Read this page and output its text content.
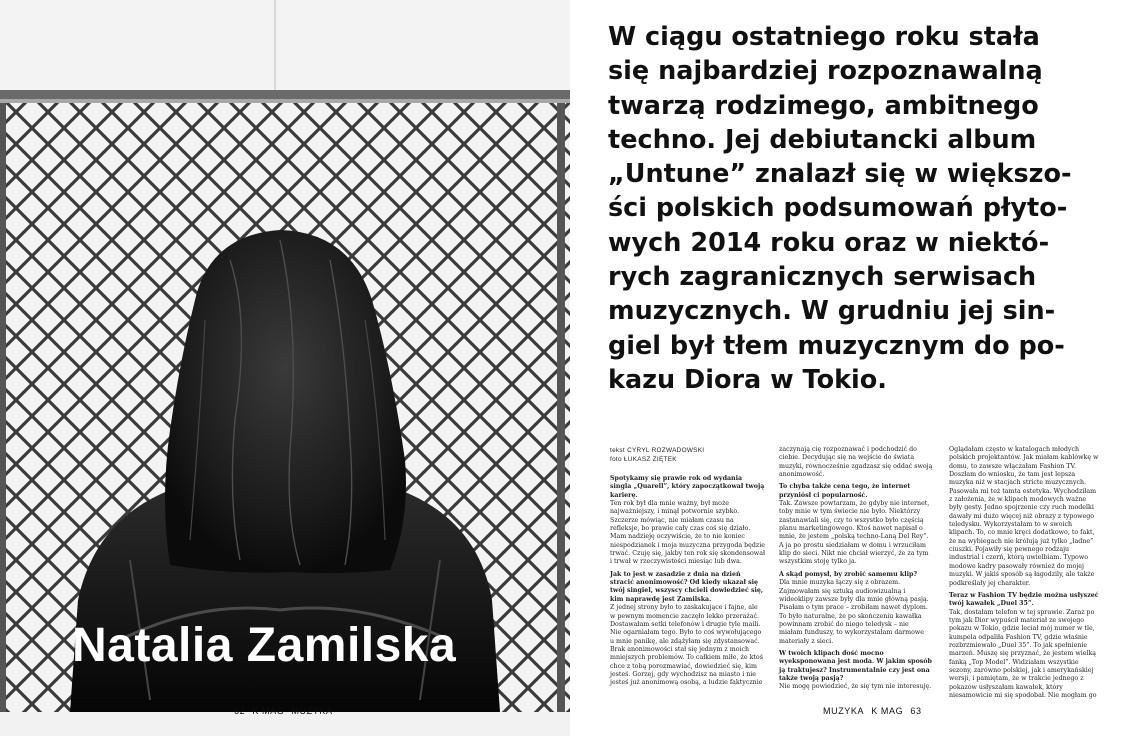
Natalia Zamilska
62 K MAG MUZYKA
W ciągu ostatniego roku stała
się najbardziej rozpoznawalną
twarzą rodzimego, ambitnego
techno. Jej debiutancki album
„Untune” znalazł się w większo-
ści polskich podsumowań płyto-
wych 2014 roku oraz w niektó-
rych zagranicznych serwisach
muzycznych. W grudniu jej sin-
giel był tłem muzycznym do po-
kazu Diora w Tokio.
tekst CYRYL ROZWADOWSKI
foto ŁUKASZ ZIĘTEK

Spotykamy się prawie rok od wydania singla „Quarell”, który zapoczątkował twoją karierę.

Ten rok był dla mnie ważny, był może najważniejszy, i minął potwornie szybko. Szczerze mówiąc, nie miałam czasu na refleksje, bo prawie cały czas coś się działo. Mam nadzieję oczywiście, że to nie koniec niespodzianek i moja muzyczna przygoda będzie trwać. Czuję się, jakby ten rok się skondensował i trwał w rzeczywistości miesiąc lub dwa.

Jak to jest w zasadzie z dnia na dzień stracić anonimowość? Od kiedy ukazał się twój singiel, wszyscy chcieli dowiedzieć się, kim naprawdę jest Zamilska.

Z jednej strony było to zaskakujące i fajne, ale w pewnym momencie zaczęło lekko przerażać. Dostawałam setki telefonów i drugie tyle maili. Nie ogarniałam tego. Było to coś wywołującego u mnie panikę, ale zdążyłam się zdystansować. Brak anonimowości stał się jednym z moich mniejszych problemów. To całkiem miłe, że ktoś chce z tobą porozmawiać, dowiedzieć się, kim jesteś. Gorzej, gdy wychodzisz na miasto i nie jesteś już anonimową osobą, a ludzie faktycznie

zaczynają cię rozpoznawać i podchodzić do ciebie. Decydując się na wejście do świata muzyki, równocześnie zgadzasz się oddać swoją anonimowość.

To chyba także cena tego, że internet przyniósł ci popularność.

Tak. Zawsze powtarzam, że gdyby nie internet, toby mnie w tym świecie nie było. Niektórzy zastanawiali się, czy to wszystko było częścią planu marketingowego. Ktoś nawet napisał o mnie, że jestem „polską techno-Laną Del Rey”. A ja po prostu siedziałam w domu i wrzuciłam klip do sieci. Nikt nie chciał wierzyć, że za tym wszystkim stoję tylko ja.

A skąd pomysł, by zrobić samemu klip?

Dla mnie muzyka łączy się z obrazem. Zajmowałam się sztuką audiowizualną i wideoklipy zawsze były dla mnie główną pasją. Pisałam o tym prace – zrobiłam nawet dyplom. To było naturalne, że po skończeniu kawałka powinnam zrobić do niego teledysk – nie miałam funduszy, to wykorzystałam darmowe materiały z sieci.

W twoich klipach dość mocno wyeksponowana jest moda. W jakim sposób ją traktujesz? Instrumentalnie czy jest ona także twoją pasją?

Nie mogę powiedzieć, że się tym nie interesuję.

Oglądałam często w katalogach młodych polskich projektantów. Jak miałam kablówkę w domu, to zawsze włączałam Fashion TV. Doszłam do wniosku, że tam jest lepsza muzyka niż w stacjach stricte muzycznych. Pasowała mi też tamta estetyka. Wychodziłam z założenia, że w klipach modowych ważne były gesty. Jedno spojrzenie czy ruch modelki dawały mi dużo więcej niż obrazy z typowego teledysku. Wykorzystałam to w swoich klipach. To, co mnie kręci dodatkowo, to fakt, że na wybiegach nie królują już tylko „ładne” ciuszki. Pojawiły się pewnego rodzaju industrial i czerń, którą uwielbiam. Typowo modowe kadry pasowały również do mojej muzyki. W jakiś sposób są łagodzily, ale także podkreślały jej charakter.

Teraz w Fashion TV będzie można usłyszeć twój kawałek „Duel 35”.

Tak, dostałam telefon w tej sprawie. Zaraz po tym jak Dior wypuścił materiał ze swojego pokazu w Tokio, gdzie leciał mój numer w tle, kumpela odpaliła Fashion TV, gdzie właśnie rozbrzmiewało „Duel 35”. To jak spełnienie marzeń. Muszę się przyznać, że jestem wielką fanką „Top Model”. Widziałam wszystkie sezony, zarówno polskiej, jak i amerykańskiej wersji, i pamiętam, że w trakcie jednego z pokazów usłyszałam kawałek, który niesamowicie mi się spodobał. Nie mogłam go

MUZYKA K MAG 63
